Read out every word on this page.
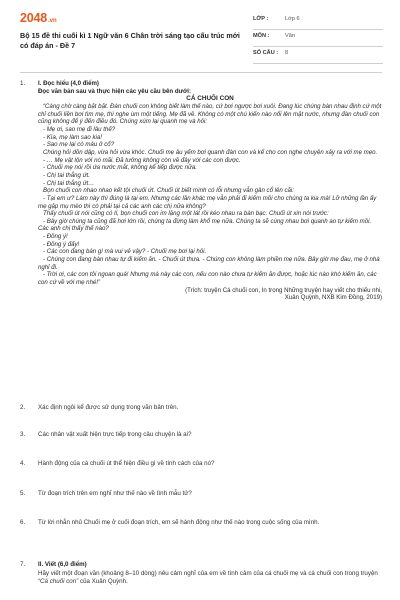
2048 .vn
Bộ 15 đề thi cuối kì 1 Ngữ văn 6 Chân trời sáng tạo cấu trúc mới có đáp án - Đề 7
LỚP :	Lớp 6
MÔN :	Văn
SỐ CÂU : 8
1. I. Đọc hiểu (4,0 điểm)
Đọc văn bản sau và thực hiện các yêu cầu bên dưới:
CÁ CHUỐI CON
“Càng chờ càng bặt bặt. Đàn chuối con không biết làm thế nào, cứ bơi ngược bơi xuôi. Đang lúc chúng bàn nhau định cứ một chỉ chuối liền bơi tìm mẹ, thì nghe ùm một tiếng. Mẹ đã về. Không có một chú kiến nào nổi lên mặt nước, nhưng đàn chuối con cũng không để ý đến điều đó. Chúng xúm lại quanh mẹ và hỏi:
- Mẹ ơi, sao mẹ đi lâu thế?
- Kìa, mẹ làm sao kia!
- Sao mẹ lại có máu ở cổ?
Chúng hỏi dồn dập, vừa hỏi vừa khóc. Chuối mẹ âu yếm bơi quanh đàn con và kể cho con nghe chuyện xảy ra với mẹ mẹo.
- … Mẹ vật lộn với nó mãi. Đã tưởng không còn về đây với các con được.
- Chuối mẹ nói rồi ứa nước mắt, không kể tiếp được nữa.
- Chị tai thắng ứt.
- Chị tai thắng ứt…
Bọn chuối con nhao nhao kết tội chuối ứt. Chuối út biết mình có lỗi nhưng vẫn gân cổ lên cãi:
- Tại em ư? Làm này thì đúng là tại em. Nhưng các lần khác mẹ vẫn phải đi kiếm mồi cho chúng ta kia mà! Lỡ những lần ấy mẹ gặp mụ mèo thì có phải tại cả các anh các chị nữa không?
Thấy chuối út nói cũng có lí, bọn chuối con im lặng một lát rồi kéo nhau ra bàn bạc. Chuối út xin nói trước:
- Bây giờ chúng ta cũng đã hơi lớn rồi, chúng ta đừng làm khổ mẹ nữa. Chúng ta sẽ cùng nhau bơi quanh ao tự kiếm mồi. Các anh chị thấy thế nào?
- Đồng ý!
- Đồng ý đấy!
- Các con đang bàn gì mà vui vẻ vậy? - Chuối mẹ bơi lại hỏi.
- Chúng con đang bàn nhau tự đi kiếm ăn. - Chuối út thưa. - Chúng con không làm phiền mẹ nữa. Bây giờ mẹ đau, mẹ ở nhà nghỉ đi.
- Trời ơi, các con tôi ngoan quá! Nhưng mà này các con, nếu con nào chưa tự kiếm ăn được, hoặc lúc nào khó kiếm ăn, các con cứ về với mẹ nhé!”
(Trích: truyện Cá chuối con, In trong Những truyện hay viết cho thiếu nhi,
Xuân Quỳnh, NXB Kim Đồng, 2019)
2. Xác định ngôi kể được sử dụng trong văn bản trên.
3. Các nhân vật xuất hiện trực tiếp trong câu chuyện là ai?
4. Hành động của cá chuối út thể hiện điều gì về tính cách của nó?
5. Từ đoạn trích trên em nghĩ như thế nào về tình mẫu tử?
6. Từ lời nhắn nhủ Chuối mẹ ở cuối đoạn trích, em sẽ hành động như thế nào trong cuộc sống của mình.
7. II. Viết (6,0 điểm)
Hãy viết một đoạn văn (khoảng 8–10 dòng) nêu cảm nghĩ của em về tình cảm của cá chuối mẹ và cá chuối con trong truyện “Cá chuối con” của Xuân Quỳnh.
